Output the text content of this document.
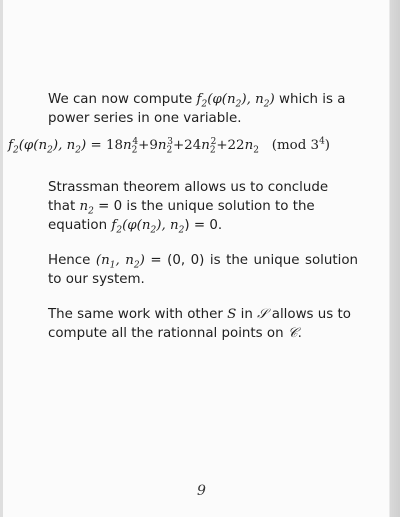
We can now compute $f_2(\varphi(n_2)$, $n_2$) which is a power series in one variable.
$f_2(\varphi(n_2)$, $n_2) = 18n_2^4+9n_2^3+24n_2^2+22n_2$ (mod $3^4$)
Strassman theorem allows us to conclude that $n_2 = 0$ is the unique solution to the equation $f_2(\varphi(n_2)$, $n_2) = 0$.
Hence ($n_1$, $n_2) = (0$, 0) is the unique solution to our system.
The same work with other S in 𝒮 allows us to compute all the rationnal points on 𝒞.
9
